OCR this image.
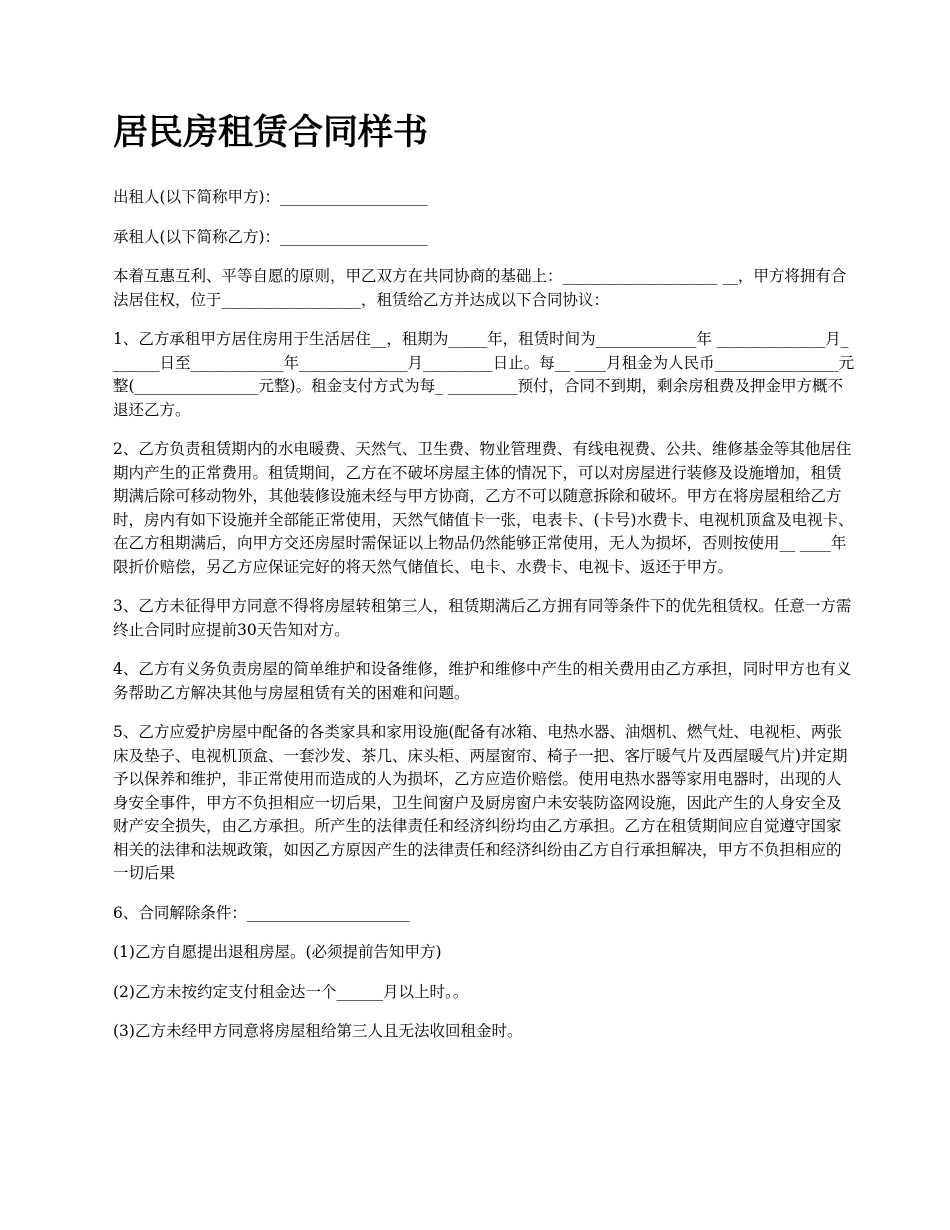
居民房租赁合同样书

出租人(以下简称甲方)：___________________

承租人(以下简称乙方)：___________________

本着互惠互利、平等自愿的原则，甲乙双方在共同协商的基础上：____________________ __，甲方将拥有合法居住权，位于__________________，租赁给乙方并达成以下合同协议：

1、乙方承租甲方居住房用于生活居住__，租期为_____年，租赁时间为_____________年 ______________月_______日至____________年______________月_________日止。每__ ____月租金为人民币________________元整(________________元整)。租金支付方式为每_ _________预付，合同不到期，剩余房租费及押金甲方概不退还乙方。

2、乙方负责租赁期内的水电暖费、天然气、卫生费、物业管理费、有线电视费、公共、维修基金等其他居住期内产生的正常费用。租赁期间，乙方在不破坏房屋主体的情况下，可以对房屋进行装修及设施增加，租赁期满后除可移动物外，其他装修设施未经与甲方协商，乙方不可以随意拆除和破坏。甲方在将房屋租给乙方时，房内有如下设施并全部能正常使用，天然气储值卡一张，电表卡、(卡号)水费卡、电视机顶盒及电视卡、在乙方租期满后，向甲方交还房屋时需保证以上物品仍然能够正常使用，无人为损坏，否则按使用__ ____年限折价赔偿，另乙方应保证完好的将天然气储值长、电卡、水费卡、电视卡、返还于甲方。

3、乙方未征得甲方同意不得将房屋转租第三人，租赁期满后乙方拥有同等条件下的优先租赁权。任意一方需终止合同时应提前30天告知对方。

4、乙方有义务负责房屋的简单维护和设备维修，维护和维修中产生的相关费用由乙方承担，同时甲方也有义务帮助乙方解决其他与房屋租赁有关的困难和问题。

5、乙方应爱护房屋中配备的各类家具和家用设施(配备有冰箱、电热水器、油烟机、燃气灶、电视柜、两张床及垫子、电视机顶盒、一套沙发、茶几、床头柜、两屋窗帘、椅子一把、客厅暖气片及西屋暖气片)并定期予以保养和维护，非正常使用而造成的人为损坏，乙方应造价赔偿。使用电热水器等家用电器时，出现的人身安全事件，甲方不负担相应一切后果，卫生间窗户及厨房窗户未安装防盗网设施，因此产生的人身安全及财产安全损失，由乙方承担。所产生的法律责任和经济纠纷均由乙方承担。乙方在租赁期间应自觉遵守国家相关的法律和法规政策，如因乙方原因产生的法律责任和经济纠纷由乙方自行承担解决，甲方不负担相应的一切后果

6、合同解除条件：_____________________

(1)乙方自愿提出退租房屋。(必须提前告知甲方)

(2)乙方未按约定支付租金达一个______月以上时。。

(3)乙方未经甲方同意将房屋租给第三人且无法收回租金时。
